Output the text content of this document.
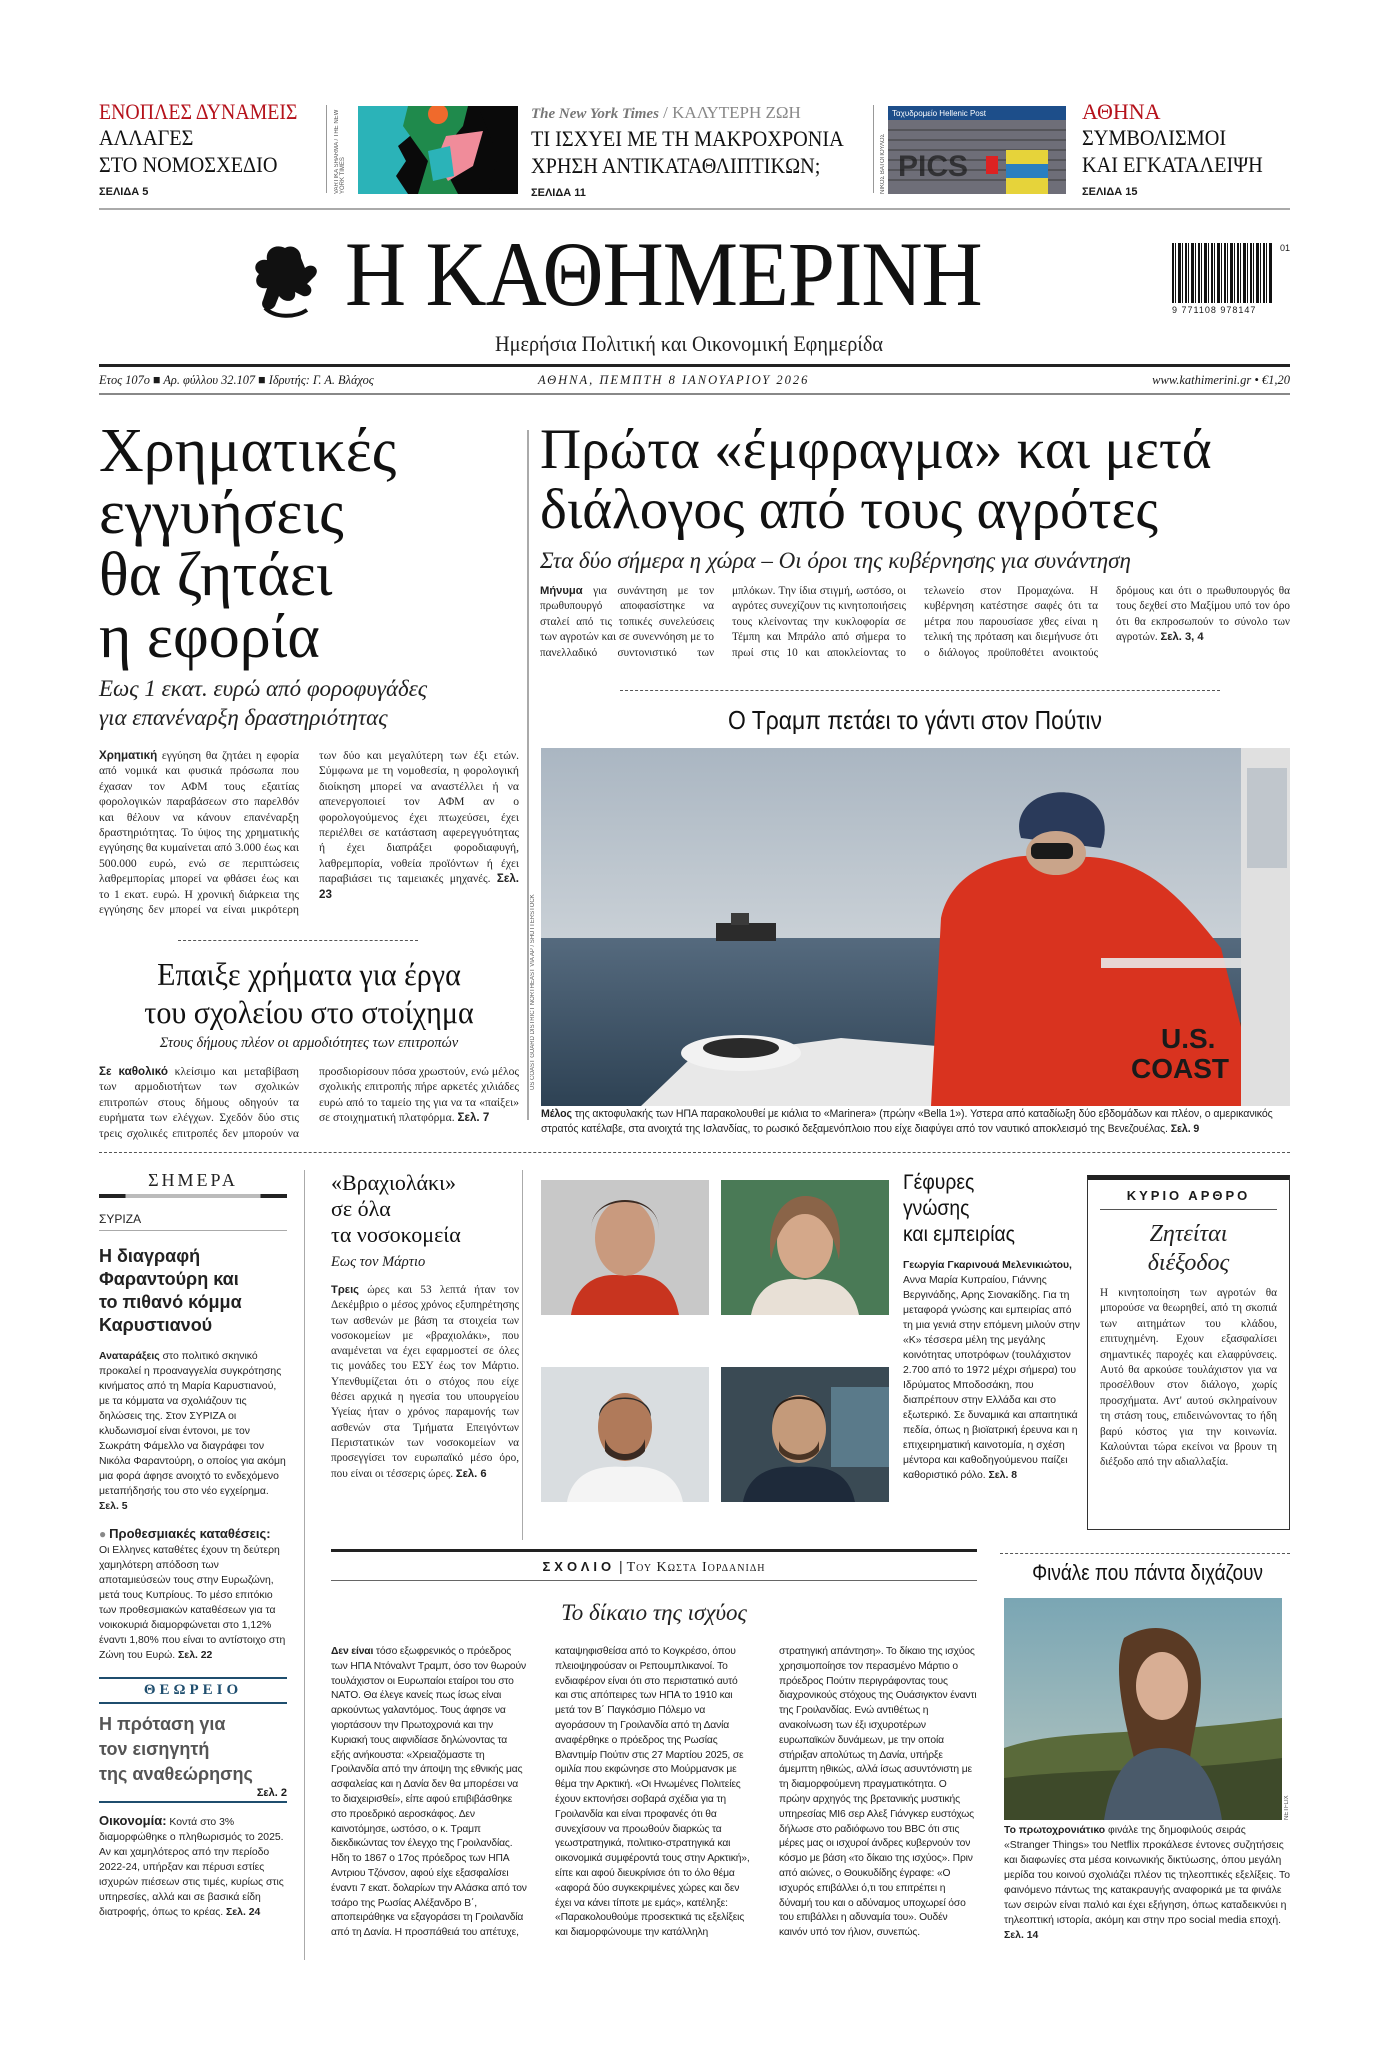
ΕΝΟΠΛΕΣ ΔΥΝΑΜΕΙΣ
ΑΛΛΑΓΕΣ
ΣΤΟ ΝΟΜΟΣΧΕΔΙΟ
ΣΕΛΙΔΑ 5	VARTIKA SHARMA / THE NEW YORK TIMES
The New York Times / ΚΑΛΥΤΕΡΗ ΖΩΗ
ΤΙ ΙΣΧΥΕΙ ΜΕ ΤΗ ΜΑΚΡΟΧΡΟΝΙΑ
ΧΡΗΣΗ ΑΝΤΙΚΑΤΑΘΛΙΠΤΙΚΩΝ;
ΣΕΛΙΔΑ 11	ΝΙΚΟΣ ΒΑΤΟΠΟΥΛΟΣ
Ταχυδρομείο Hellenic Post
PICS
ΑΘΗΝΑ
ΣΥΜΒΟΛΙΣΜΟΙ
ΚΑΙ ΕΓΚΑΤΑΛΕΙΨΗ
ΣΕΛΙΔΑ 15
Η ΚΑΘΗΜΕΡΙΝΗ	01
9 771108 978147
Ημερήσια Πολιτική και Οικονομική Εφημερίδα
Ετος 107ο ■ Αρ. φύλλου 32.107 ■ Ιδρυτής: Γ. Α. Βλάχος	ΑΘΗΝΑ, ΠΕΜΠΤΗ 8 ΙΑΝΟΥΑΡΙΟΥ 2026	www.kathimerini.gr • €1,20
Χρηματικές
εγγυήσεις
θα ζητάει
η εφορία
Εως 1 εκατ. ευρώ από φοροφυγάδες
για επανέναρξη δραστηριότητας
Χρηματική εγγύηση θα ζητάει η εφορία από νομικά και φυσικά πρόσωπα που έχασαν τον ΑΦΜ τους εξαιτίας φορολογικών παραβάσεων στο παρελθόν και θέλουν να κάνουν επανέναρξη δραστηριότητας. Το ύψος της χρηματικής εγγύησης θα κυμαίνεται από 3.000 έως και 500.000 ευρώ, ενώ σε περιπτώσεις λαθρεμπορίας μπορεί να φθάσει έως και το 1 εκατ. ευρώ. Η χρονική διάρκεια της εγγύησης δεν μπορεί να είναι μικρότερη των δύο και μεγαλύτερη των έξι ετών. Σύμφωνα με τη νομοθεσία, η φορολογική διοίκηση μπορεί να αναστέλλει ή να απενεργοποιεί τον ΑΦΜ αν ο φορολογούμενος έχει πτωχεύσει, έχει περιέλθει σε κατάσταση αφερεγγυότητας ή έχει διαπράξει φοροδιαφυγή, λαθρεμπορία, νοθεία προϊόντων ή έχει παραβιάσει τις ταμειακές μηχανές. Σελ. 23
Επαιξε χρήματα για έργα
του σχολείου στο στοίχημα
Στους δήμους πλέον οι αρμοδιότητες των επιτροπών
Σε καθολικό κλείσιμο και μεταβίβαση των αρμοδιοτήτων των σχολικών επιτροπών στους δήμους οδηγούν τα ευρήματα των ελέγχων. Σχεδόν δύο στις τρεις σχολικές επιτροπές δεν μπορούν να προσδιορίσουν πόσα χρωστούν, ενώ μέλος σχολικής επιτροπής πήρε αρκετές χιλιάδες ευρώ από το ταμείο της για να τα «παίξει» σε στοιχηματική πλατφόρμα. Σελ. 7
Πρώτα «έμφραγμα» και μετά
διάλογος από τους αγρότες
Στα δύο σήμερα η χώρα – Οι όροι της κυβέρνησης για συνάντηση
Μήνυμα για συνάντηση με τον πρωθυπουργό αποφασίστηκε να σταλεί από τις τοπικές συνελεύσεις των αγροτών και σε συνεννόηση με το πανελλαδικό συντονιστικό των μπλόκων. Την ίδια στιγμή, ωστόσο, οι αγρότες συνεχίζουν τις κινητοποιήσεις τους κλείνοντας την κυκλοφορία σε Τέμπη και Μπράλο από σήμερα το πρωί στις 10 και αποκλείοντας το τελωνείο στον Προμαχώνα. Η κυβέρνηση κατέστησε σαφές ότι τα μέτρα που παρουσίασε χθες είναι η τελική της πρόταση και διεμήνυσε ότι ο διάλογος προϋποθέτει ανοικτούς δρόμους και ότι ο πρωθυπουργός θα τους δεχθεί στο Μαξίμου υπό τον όρο ότι θα εκπροσωπούν το σύνολο των αγροτών. Σελ. 3, 4
Ο Τραμπ πετάει το γάντι στον Πούτιν
US COAST GUARD DISTRICT NORTHEAST VIA AP / SHUTTERSTOCK	U.S.
COAST
Μέλος της ακτοφυλακής των ΗΠΑ παρακολουθεί με κιάλια το «Marinera» (πρώην «Bella 1»). Υστερα από καταδίωξη δύο εβδομάδων και πλέον, ο αμερικανικός στρατός κατέλαβε, στα ανοιχτά της Ισλανδίας, το ρωσικό δεξαμενόπλοιο που είχε διαφύγει από τον ναυτικό αποκλεισμό της Βενεζουέλας. Σελ. 9
ΣΗΜΕΡΑ
ΣΥΡΙΖΑ
Η διαγραφή
Φαραντούρη και
το πιθανό κόμμα
Καρυστιανού
Αναταράξεις στο πολιτικό σκηνικό προκαλεί η προαναγγελία συγκρότησης κινήματος από τη Μαρία Καρυστιανού, με τα κόμματα να σχολιάζουν τις δηλώσεις της. Στον ΣΥΡΙΖΑ οι κλυδωνισμοί είναι έντονοι, με τον Σωκράτη Φάμελλο να διαγράφει τον Νικόλα Φαραντούρη, ο οποίος για ακόμη μια φορά άφησε ανοιχτό το ενδεχόμενο μεταπήδησής του στο νέο εγχείρημα. Σελ. 5
● Προθεσμιακές καταθέσεις:
Οι Ελληνες καταθέτες έχουν τη δεύτερη χαμηλότερη απόδοση των αποταμιεύσεών τους στην Ευρωζώνη, μετά τους Κυπρίους. Το μέσο επιτόκιο των προθεσμιακών καταθέσεων για τα νοικοκυριά διαμορφώνεται στο 1,12% έναντι 1,80% που είναι το αντίστοιχο στη Ζώνη του Ευρώ. Σελ. 22
ΘΕΩΡΕΙΟ
Η πρόταση για
τον εισηγητή
της αναθεώρησης
Σελ. 2
Οικονομία: Κοντά στο 3% διαμορφώθηκε ο πληθωρισμός το 2025. Αν και χαμηλότερος από την περίοδο 2022-24, υπήρξαν και πέρυσι εστίες ισχυρών πιέσεων στις τιμές, κυρίως στις υπηρεσίες, αλλά και σε βασικά είδη διατροφής, όπως το κρέας. Σελ. 24
«Βραχιολάκι»
σε όλα
τα νοσοκομεία
Εως τον Μάρτιο
Τρεις ώρες και 53 λεπτά ήταν τον Δεκέμβριο ο μέσος χρόνος εξυπηρέτησης των ασθενών με βάση τα στοιχεία των νοσοκομείων με «βραχιολάκι», που αναμένεται να έχει εφαρμοστεί σε όλες τις μονάδες του ΕΣΥ έως τον Μάρτιο. Υπενθυμίζεται ότι ο στόχος που είχε θέσει αρχικά η ηγεσία του υπουργείου Υγείας ήταν ο χρόνος παραμονής των ασθενών στα Τμήματα Επειγόντων Περιστατικών των νοσοκομείων να προσεγγίσει τον ευρωπαϊκό μέσο όρο, που είναι οι τέσσερις ώρες. Σελ. 6
Γέφυρες
γνώσης
και εμπειρίας
Γεωργία Γκαρινουά Μελενικιώτου, Αννα Μαρία Κυπραίου, Γιάννης Βεργινάδης, Αρης Σιονακίδης. Για τη μεταφορά γνώσης και εμπειρίας από τη μια γενιά στην επόμενη μιλούν στην «Κ» τέσσερα μέλη της μεγάλης κοινότητας υποτρόφων (τουλάχιστον 2.700 από το 1972 μέχρι σήμερα) του Ιδρύματος Μποδοσάκη, που διαπρέπουν στην Ελλάδα και στο εξωτερικό. Σε δυναμικά και απαιτητικά πεδία, όπως η βιοϊατρική έρευνα και η επιχειρηματική καινοτομία, η σχέση μέντορα και καθοδηγούμενου παίζει καθοριστικό ρόλο. Σελ. 8
ΚΥΡΙΟ ΑΡΘΡΟ
Ζητείται
διέξοδος
Η κινητοποίηση των αγροτών θα μπορούσε να θεωρηθεί, από τη σκοπιά των αιτημάτων του κλάδου, επιτυχημένη. Εχουν εξασφαλίσει σημαντικές παροχές και ελαφρύνσεις. Αυτό θα αρκούσε τουλάχιστον για να προσέλθουν στον διάλογο, χωρίς προσχήματα. Αντ' αυτού σκληραίνουν τη στάση τους, επιδεινώνοντας το ήδη βαρύ κόστος για την κοινωνία. Καλούνται τώρα εκείνοι να βρουν τη διέξοδο από την αδιαλλαξία.
ΣΧΟΛΙΟ | Του Κωστα Ιορδανιδη
Το δίκαιο της ισχύος
Δεν είναι τόσο εξωφρενικός ο πρόεδρος των ΗΠΑ Ντόναλντ Τραμπ, όσο τον θωρούν τουλάχιστον οι Ευρωπαίοι εταίροι του στο ΝΑΤΟ. Θα έλεγε κανείς πως ίσως είναι αρκούντως γαλαντόμος. Τους άφησε να γιορτάσουν την Πρωτοχρονιά και την Κυριακή τους αιφνιδίασε δηλώνοντας τα εξής ανήκουστα: «Χρειαζόμαστε τη Γροιλανδία από την άποψη της εθνικής μας ασφαλείας και η Δανία δεν θα μπορέσει να το διαχειρισθεί», είπε αφού επιβιβάσθηκε στο προεδρικό αεροσκάφος. Δεν καινοτόμησε, ωστόσο, ο κ. Τραμπ διεκδικώντας τον έλεγχο της Γροιλανδίας. Ηδη το 1867 ο 17ος πρόεδρος των ΗΠΑ Αντριου Τζόνσον, αφού είχε εξασφαλίσει έναντι 7 εκατ. δολαρίων την Αλάσκα από τον τσάρο της Ρωσίας Αλέξανδρο Β΄, αποπειράθηκε να εξαγοράσει τη Γροιλανδία από τη Δανία. Η προσπάθειά του απέτυχε, καταψηφισθείσα από το Κογκρέσο, όπου πλειοψηφούσαν οι Ρεπουμπλικανοί. Το ενδιαφέρον είναι ότι στο περιστατικό αυτό και στις απόπειρες των ΗΠΑ το 1910 και μετά τον Β΄ Παγκόσμιο Πόλεμο να αγοράσουν τη Γροιλανδία από τη Δανία αναφέρθηκε ο πρόεδρος της Ρωσίας Βλαντιμίρ Πούτιν στις 27 Μαρτίου 2025, σε ομιλία που εκφώνησε στο Μούρμανσκ με θέμα την Αρκτική. «Οι Ηνωμένες Πολιτείες έχουν εκπονήσει σοβαρά σχέδια για τη Γροιλανδία και είναι προφανές ότι θα συνεχίσουν να προωθούν διαρκώς τα γεωστρατηγικά, πολιτικο-στρατηγικά και οικονομικά συμφέροντά τους στην Αρκτική», είπε και αφού διευκρίνισε ότι το όλο θέμα «αφορά δύο συγκεκριμένες χώρες και δεν έχει να κάνει τίποτε με εμάς», κατέληξε: «Παρακολουθούμε προσεκτικά τις εξελίξεις και διαμορφώνουμε την κατάλληλη στρατηγική απάντηση». Το δίκαιο της ισχύος χρησιμοποίησε τον περασμένο Μάρτιο ο πρόεδρος Πούτιν περιγράφοντας τους διαχρονικούς στόχους της Ουάσιγκτον έναντι της Γροιλανδίας. Ενώ αντιθέτως η ανακοίνωση των έξι ισχυροτέρων ευρωπαϊκών δυνάμεων, με την οποία στήριξαν απολύτως τη Δανία, υπήρξε άμεμπτη ηθικώς, αλλά ίσως ασυντόνιστη με τη διαμορφούμενη πραγματικότητα. Ο πρώην αρχηγός της βρετανικής μυστικής υπηρεσίας MI6 σερ Αλεξ Γιάνγκερ ευστόχως δήλωσε στο ραδιόφωνο του BBC ότι στις μέρες μας οι ισχυροί άνδρες κυβερνούν τον κόσμο με βάση «το δίκαιο της ισχύος». Πριν από αιώνες, ο Θουκυδίδης έγραφε: «Ο ισχυρός επιβάλλει ό,τι του επιτρέπει η δύναμή του και ο αδύναμος υποχωρεί όσο του επιβάλλει η αδυναμία του». Ουδέν καινόν υπό τον ήλιον, συνεπώς.
Φινάλε που πάντα διχάζουν
NETFLIX
Το πρωτοχρονιάτικο φινάλε της δημοφιλούς σειράς «Stranger Things» του Netflix προκάλεσε έντονες συζητήσεις και διαφωνίες στα μέσα κοινωνικής δικτύωσης, όπου μεγάλη μερίδα του κοινού σχολιάζει πλέον τις τηλεοπτικές εξελίξεις. Το φαινόμενο πάντως της κατακραυγής αναφορικά με τα φινάλε των σειρών είναι παλιό και έχει εξήγηση, όπως καταδεικνύει η τηλεοπτική ιστορία, ακόμη και στην προ social media εποχή. Σελ. 14
